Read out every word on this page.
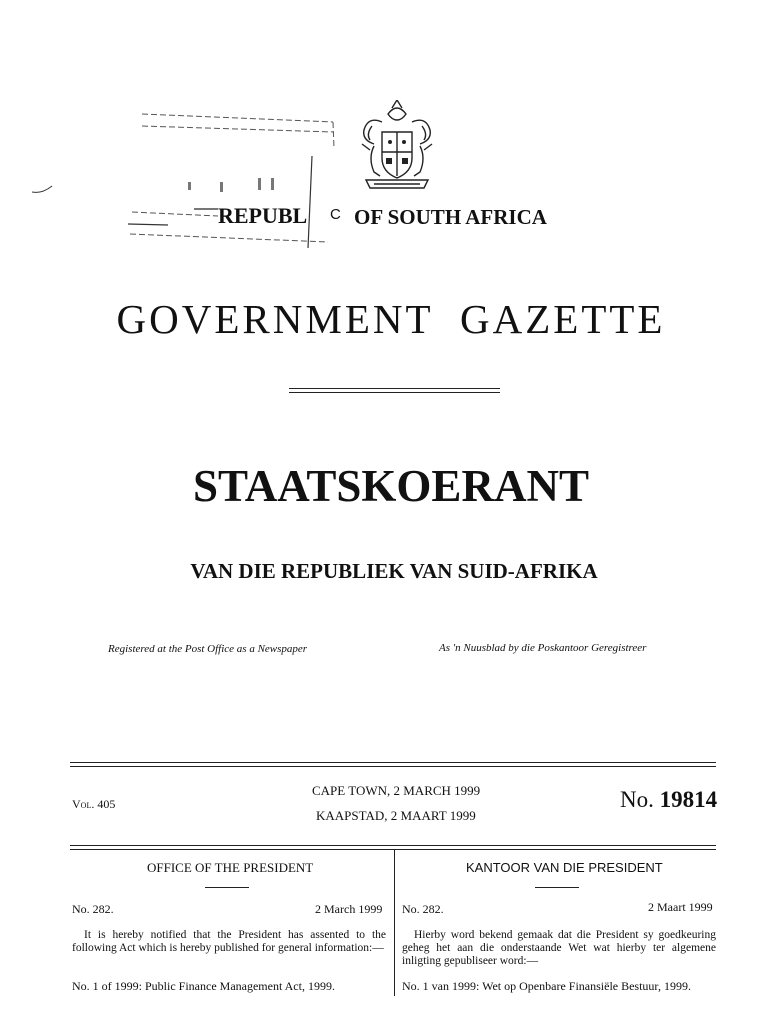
REPUBL C OF SOUTH AFRICA
GOVERNMENT GAZETTE
STAATSKOERANT
VAN DIE REPUBLIEK VAN SUID-AFRIKA
Registered at the Post Office as a Newspaper	As 'n Nuusblad by die Poskantoor Geregistreer
Vol. 405
CAPE TOWN, 2 MARCH 1999
KAAPSTAD, 2 MAART 1999
No. 19814
OFFICE OF THE PRESIDENT	KANTOOR VAN DIE PRESIDENT
No. 282.	2 March 1999 No. 282.	2 Maart 1999
It is hereby notified that the President has assented to the following Act which is hereby published for general information:—
Hierby word bekend gemaak dat die President sy goedkeuring geheg het aan die onderstaande Wet wat hierby ter algemene inligting gepubliseer word:—
No. 1 of 1999: Public Finance Management Act, 1999.	No. 1 van 1999: Wet op Openbare Finansiële Bestuur, 1999.
